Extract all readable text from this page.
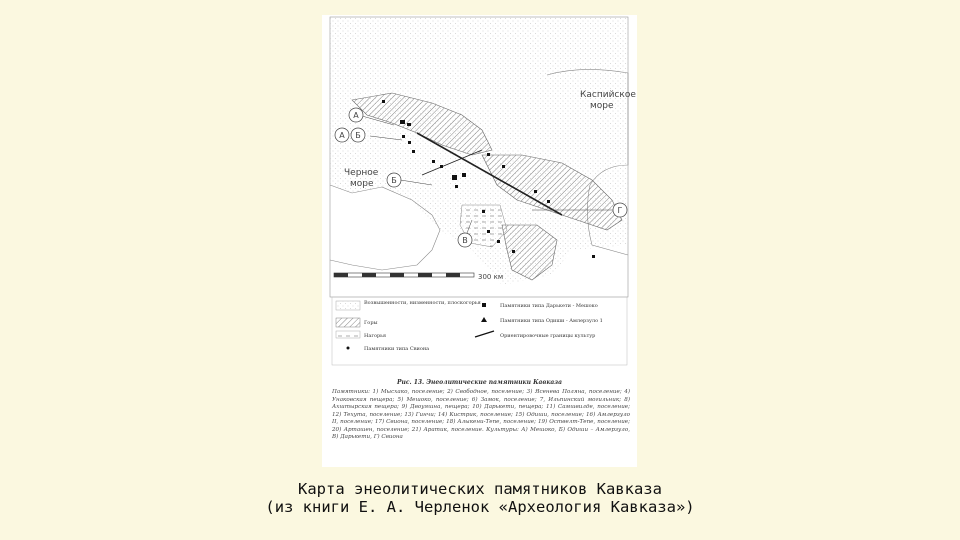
А
А Б
Б
В
Г
Каспийское
море
Черное
море
300 км
Возвышенности, низменности, плоскогорья
Горы
Нагорья
Памятники типа Свиона
Памятники типа Дарькети - Мешоко
Памятники типа Одиши - Амлерзуло 1
Ориентировочные границы культур
Рис. 13. Энеолитические памятники Кавказа
Памятники: 1) Мысхако, поселение; 2) Свободное, поселение; 3) Ясенева Поляна, поселение; 4) Унаковская пещера; 5) Мешоко, поселение; 6) Замок, поселение; 7, Ильпинский могильник; 8) Ахштырская пещера; 9) Двоуяшна, пещера; 10) Дарькети, пещера; 11) Самшвилде, поселение; 12) Техута, поселение; 13) Гинчи; 14) Кистрик, поселение; 15) Одиши, поселение; 16) Амлерзуло II, поселение; 17) Свиона, поселение; 18) Алыкени-Тепе, поселение; 19) Оствелт-Тепе, поселение; 20) Арташен, поселение; 21) Аратик, поселение. Культуры: А) Мешоко, Б) Одиши – Амлерзуло, В) Дарькети, Г) Свиона
Карта энеолитических памятников Кавказа
(из книги Е. А. Черленок «Археология Кавказа»)
